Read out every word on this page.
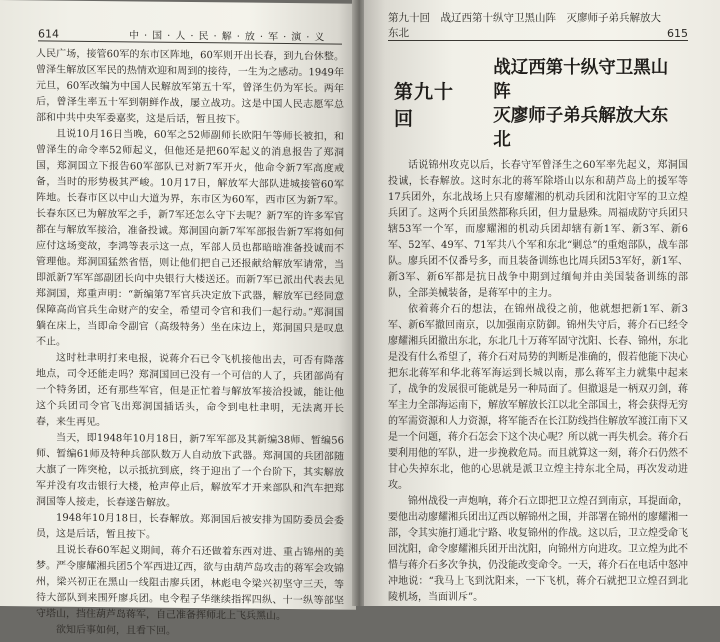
614	中·国·人·民·解·放·军·演·义

人民广场，接管60军的东市区阵地，60军则开出长春，到九台休整。曾泽生解放区军民的热情欢迎和周到的接待，一生为之感动。1949年元旦，60军改编为中国人民解放军第五十军，曾泽生仍为军长。两年后，曾泽生率五十军到朝鲜作战，屡立战功。这是中国人民志愿军总部和中共中央军委嘉奖，这是后话，暂且按下。

且说10月16日当晚，60军之52师副师长欧阳午等师长被扣，和曾泽生的命令率52师起义，但他还是把60军起义的消息报告了郑洞国，郑洞国立下报告60军部队已对新7军开火，他命令新7军高度戒备，当时的形势极其严峻。10月17日，解放军大部队进城接管60军阵地。长春市区以中山大道为界，东市区为60军，西市区为新7军。长春东区已为解放军之手，新7军还怎么守下去呢？新7军的许多军官都在与解放军接洽，准备投诚。郑洞国向新7军军部报告新7军将如何应付这场变故，李鸿等表示这一点，军部人员也都暗暗准备投诚而不管理他。郑洞国猛然省悟，则让他们把自己还报献给解放军请常，当即派新7军军部副团长向中央银行大楼送还。而新7军已派出代表去见郑洞国，郑重声明：“新编第7军官兵决定放下武器，解放军已经同意保障高尚官兵生命财产的安全，希望司令官和我们一起行动。”郑洞国躺在床上，当即命令副官（高级特务）坐在床边上，郑洞国只是叹息不止。

这时杜聿明打来电报，说蒋介石已令飞机接他出去，可否有降落地点，司令还能走吗？郑洞国回已没有一个可信的人了，兵团部尚有一个特务团，还有那些军官，但是正忙着与解放军接洽投诚，能让他这个兵团司令官飞出郑洞国插话头，命令到电杜聿明，无法离开长春，来生再见。

当天，即1948年10月18日，新7军军部及其新编38师、暂编56师、暂编61师及特种兵部队数万人自动放下武器。郑洞国的兵团部随大旗了一阵突枪，以示抵抗到底，终于迎出了一个台阶下，其实解放军并没有攻击银行大楼，枪声停止后，解放军才开来部队和汽车把郑洞国等人接走，长春遂告解放。

1948年10月18日，长春解放。郑洞国后被安排为国防委员会委员，这是后话，暂且按下。

且说长春60军起义期间，蒋介石还做着东西对进、重占锦州的美梦。严令廖耀湘兵团5个军西进辽西，欲与由葫芦岛攻击的蒋军会攻锦州，梁兴初正在黑山一线阻击廖兵团，林彪电令梁兴初坚守三天，等待大部队到来围歼廖兵团。电令程子华继续指挥四纵、十一纵等部坚守塔山，挡住葫芦岛蒋军，自己准备挥师北上飞兵黑山。

欲知后事如何，且看下回。

第九十回　战辽西第十纵守卫黑山阵　灭廖师子弟兵解放大东北	615
第九十回
战辽西第十纵守卫黑山阵
灭廖师子弟兵解放大东北

话说锦州攻克以后，长春守军曾泽生之60军率先起义，郑洞国投诚，长春解放。这时东北的蒋军除塔山以东和葫芦岛上的援军等17兵团外，东北战场上只有廖耀湘的机动兵团和沈阳守军的卫立煌兵团了。这两个兵团虽然都称兵团，但力量悬殊。周福成防守兵团只辖53军一个军，而廖耀湘的机动兵团却辖有新1军、新3军、新6军、52军、49军、71军共八个军和东北“剿总”的重炮部队，战车部队。廖兵团不仅番号多，而且装备训练也比周兵团53军好，新1军、新3军、新6军都是抗日战争中期到过缅甸并由美国装备训练的部队，全部美械装备，是蒋军中的主力。

依着蒋介石的想法，在锦州战役之前，他就想把新1军、新3军、新6军撤回南京，以加强南京防御。锦州失守后，蒋介石已经令廖耀湘兵团撤出东北，东北几十万蒋军固守沈阳、长春、锦州，东北是没有什么希望了，蒋介石对局势的判断是准确的，假若他能下决心把东北蒋军和华北蒋军海运到长城以南，那么蒋军主力就集中起来了，战争的发展很可能就是另一种局面了。但撤退是一柄双刃剑，蒋军主力全部海运南下，解放军解放长江以北全部国土，将会获得无穷的军需资源和人力资源，将军能否在长江防线挡住解放军渡江南下又是一个问题，蒋介石怎会下这个决心呢？所以就一再失机会。蒋介石要利用他的军队，进一步挽救危局。而且就算这一刻，蒋介石仍然不甘心失掉东北，他的心思就是派卫立煌主持东北全局，再次发动进攻。

锦州战役一声炮响，蒋介石立即把卫立煌召到南京，耳提面命，要他出动廖耀湘兵团出辽西以解锦州之围，并部署在锦州的廖耀湘一部，令其实施打通北宁路、收复锦州的作战。这以后，卫立煌受命飞回沈阳，命令廖耀湘兵团开出沈阳，向锦州方向进攻。卫立煌为此不惜与蒋介石多次争执，仍没能改变命令。一天，蒋介石在电话中怒冲冲地说：“我马上飞到沈阳来，一下飞机，蒋介石就把卫立煌召到北陵机场，当面训斥”。
